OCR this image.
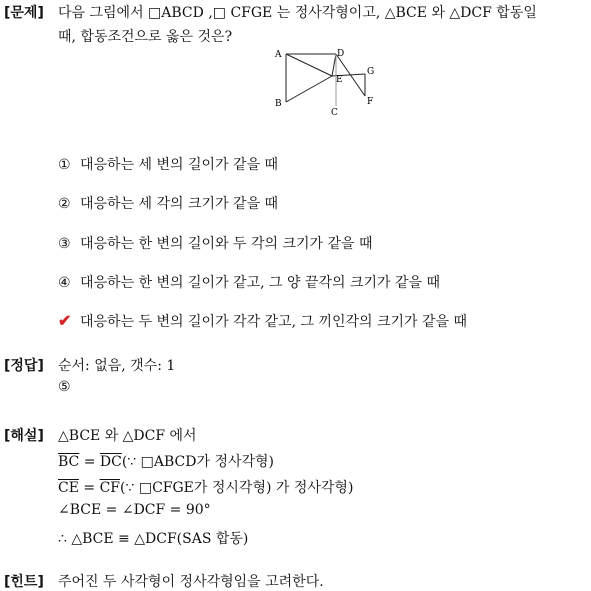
[문제] 다음 그림에서 □ABCD ,□ CFGE 는 정사각형이고, △BCE 와 △DCF 합동일
때, 합동조건으로 옳은 것은?
A
B
D
E
C
G
F
① 대응하는 세 변의 길이가 같을 때
② 대응하는 세 각의 크기가 같을 때
③ 대응하는 한 변의 길이와 두 각의 크기가 같을 때
④ 대응하는 한 변의 길이가 같고, 그 양 끝각의 크기가 같을 때
✔ 대응하는 두 변의 길이가 각각 같고, 그 끼인각의 크기가 같을 때
[정답] 순서: 없음, 갯수: 1
⑤
[해설] △BCE 와 △DCF 에서
$\overline{BC}$ = $\overline{DC}(\because$ □ABCD가 정사각형)
$\overline{CE}$ = $\overline{CF}(\because$ □CFGE가 정시각형) 가 정사각형)
∠BCE = ∠DCF = 90°
∴ △BCE ≡ △DCF(SAS 합동)
[힌트] 주어진 두 사각형이 정사각형임을 고려한다.
